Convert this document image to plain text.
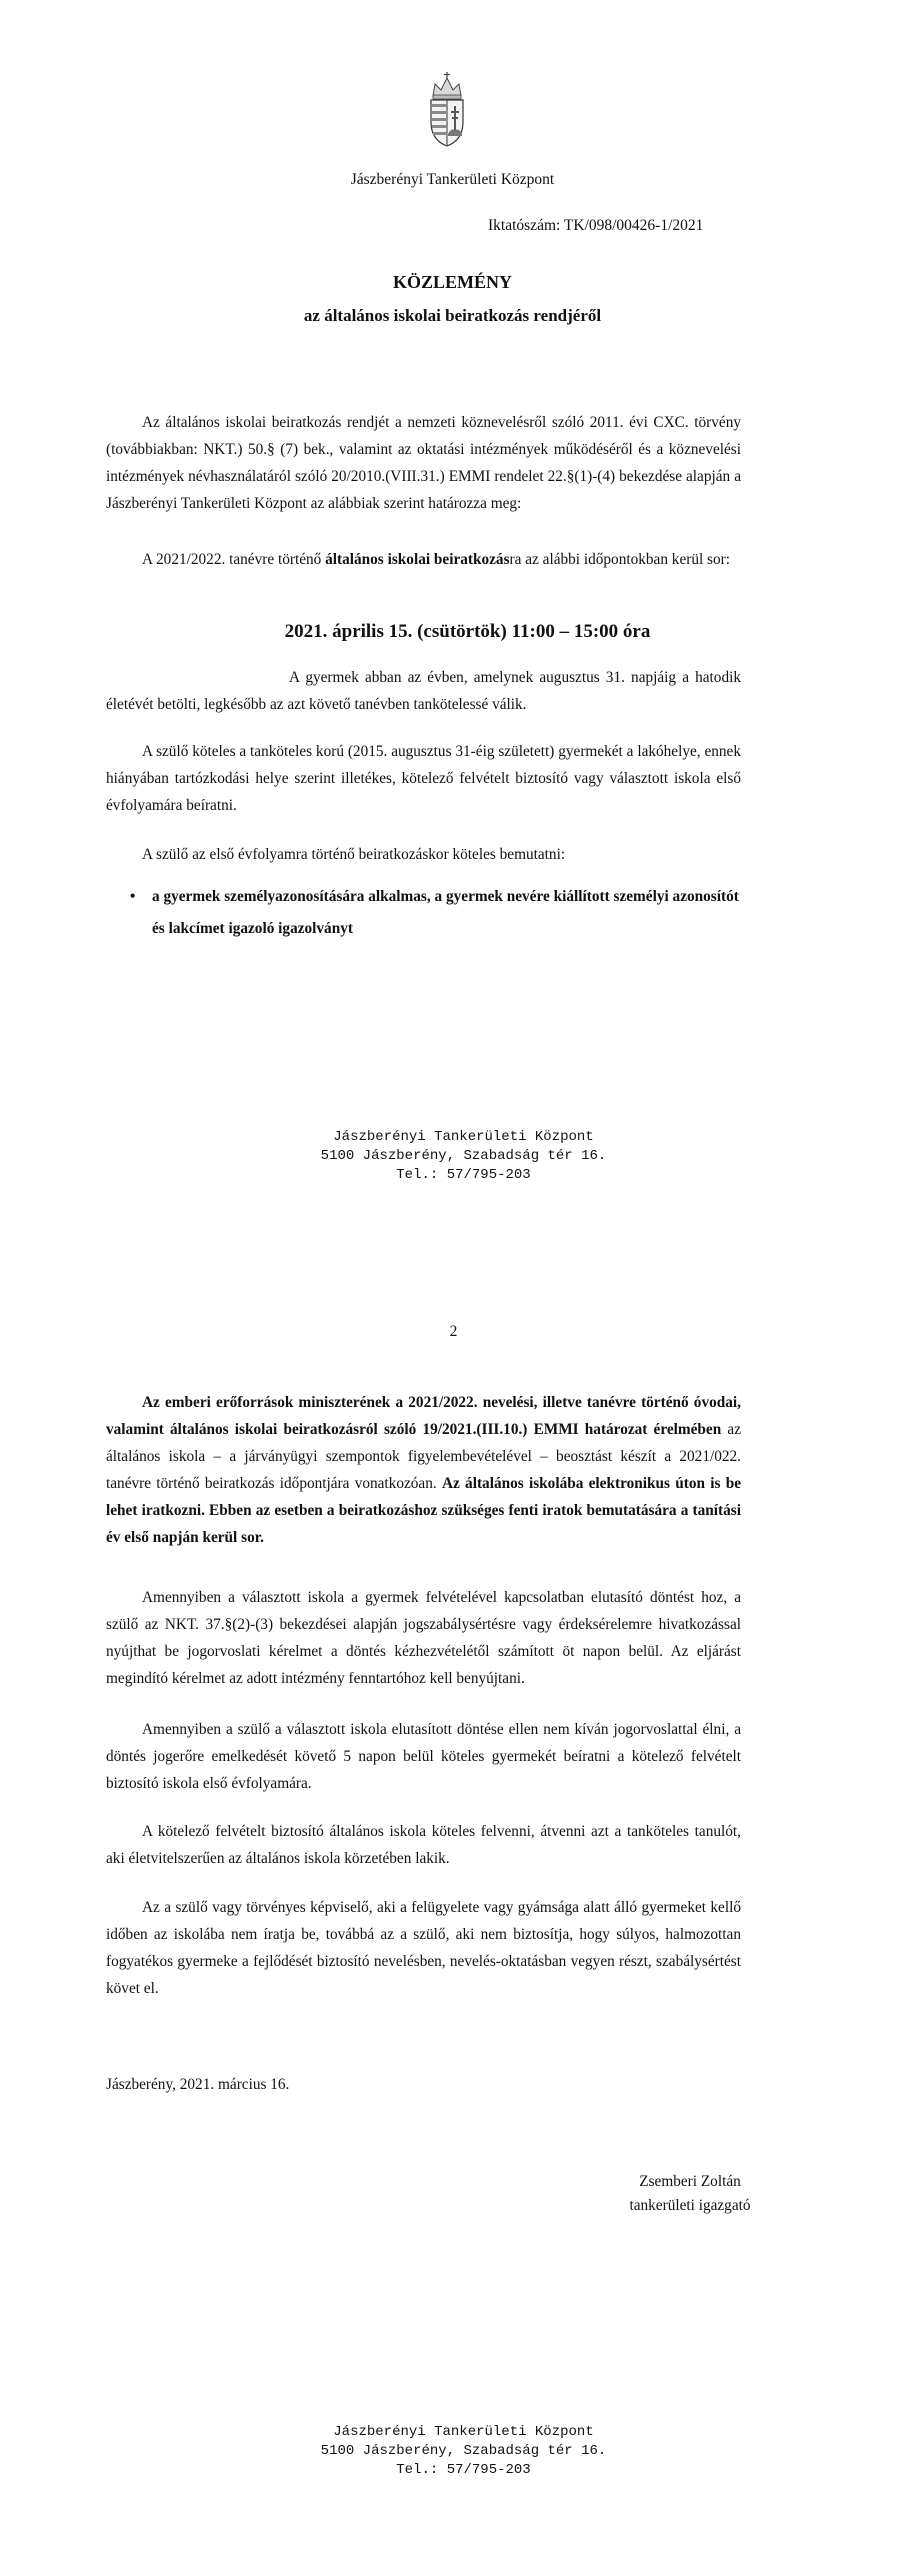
Jászberényi Tankerületi Központ
Iktatószám: TK/098/00426-1/2021
KÖZLEMÉNY
az általános iskolai beiratkozás rendjéről

Az általános iskolai beiratkozás rendjét a nemzeti köznevelésről szóló 2011. évi CXC. törvény (továbbiakban: NKT.) 50.§ (7) bek., valamint az oktatási intézmények működéséről és a köznevelési intézmények névhasználatáról szóló 20/2010.(VIII.31.) EMMI rendelet 22.§(1)-(4) bekezdése alapján a Jászberényi Tankerületi Központ az alábbiak szerint határozza meg:

A 2021/2022. tanévre történő általános iskolai beiratkozásra az alábbi időpontokban kerül sor:

2021. április 15. (csütörtök) 11:00 – 15:00 óra

A gyermek abban az évben, amelynek augusztus 31. napjáig a hatodik életévét betölti, legkésőbb az azt követő tanévben tankötelessé válik.

A szülő köteles a tanköteles korú (2015. augusztus 31-éig született) gyermekét a lakóhelye, ennek hiányában tartózkodási helye szerint illetékes, kötelező felvételt biztosító vagy választott iskola első évfolyamára beíratni.

A szülő az első évfolyamra történő beiratkozáskor köteles bemutatni:

• a gyermek személyazonosítására alkalmas, a gyermek nevére kiállított személyi azonosítót és lakcímet igazoló igazolványt
Jászberényi Tankerületi Központ
5100 Jászberény, Szabadság tér 16.
Tel.: 57/795-203
2

Az emberi erőforrások miniszterének a 2021/2022. nevelési, illetve tanévre történő óvodai, valamint általános iskolai beiratkozásról szóló 19/2021.(III.10.) EMMI határozat érelmében az általános iskola – a járványügyi szempontok figyelembevételével – beosztást készít a 2021/022. tanévre történő beiratkozás időpontjára vonatkozóan. Az általános iskolába elektronikus úton is be lehet iratkozni. Ebben az esetben a beiratkozáshoz szükséges fenti iratok bemutatására a tanítási év első napján kerül sor.

Amennyiben a választott iskola a gyermek felvételével kapcsolatban elutasító döntést hoz, a szülő az NKT. 37.§(2)-(3) bekezdései alapján jogszabálysértésre vagy érdeksérelemre hivatkozással nyújthat be jogorvoslati kérelmet a döntés kézhezvételétől számított öt napon belül. Az eljárást megindító kérelmet az adott intézmény fenntartóhoz kell benyújtani.

Amennyiben a szülő a választott iskola elutasított döntése ellen nem kíván jogorvoslattal élni, a döntés jogerőre emelkedését követő 5 napon belül köteles gyermekét beíratni a kötelező felvételt biztosító iskola első évfolyamára.

A kötelező felvételt biztosító általános iskola köteles felvenni, átvenni azt a tanköteles tanulót, aki életvitelszerűen az általános iskola körzetében lakik.

Az a szülő vagy törvényes képviselő, aki a felügyelete vagy gyámsága alatt álló gyermeket kellő időben az iskolába nem íratja be, továbbá az a szülő, aki nem biztosítja, hogy súlyos, halmozottan fogyatékos gyermeke a fejlődését biztosító nevelésben, nevelés-oktatásban vegyen részt, szabálysértést követ el.

Jászberény, 2021. március 16.
Zsemberi Zoltán
tankerületi igazgató
Jászberényi Tankerületi Központ
5100 Jászberény, Szabadság tér 16.
Tel.: 57/795-203
